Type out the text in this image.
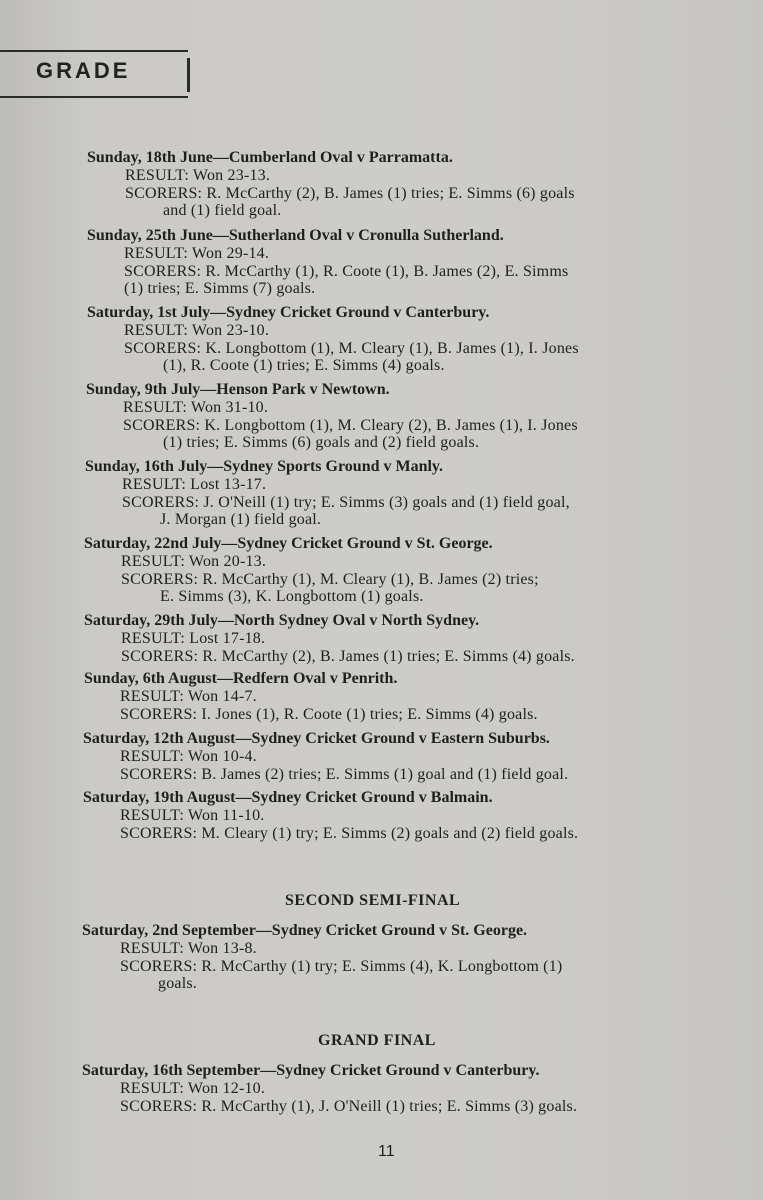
GRADE
Sunday, 18th June—Cumberland Oval v Parramatta.
RESULT: Won 23-13.
SCORERS: R. McCarthy (2), B. James (1) tries; E. Simms (6) goals
and (1) field goal.
Sunday, 25th June—Sutherland Oval v Cronulla Sutherland.
RESULT: Won 29-14.
SCORERS: R. McCarthy (1), R. Coote (1), B. James (2), E. Simms
(1) tries; E. Simms (7) goals.
Saturday, 1st July—Sydney Cricket Ground v Canterbury.
RESULT: Won 23-10.
SCORERS: K. Longbottom (1), M. Cleary (1), B. James (1), I. Jones
(1), R. Coote (1) tries; E. Simms (4) goals.
Sunday, 9th July—Henson Park v Newtown.
RESULT: Won 31-10.
SCORERS: K. Longbottom (1), M. Cleary (2), B. James (1), I. Jones
(1) tries; E. Simms (6) goals and (2) field goals.
Sunday, 16th July—Sydney Sports Ground v Manly.
RESULT: Lost 13-17.
SCORERS: J. O'Neill (1) try; E. Simms (3) goals and (1) field goal,
J. Morgan (1) field goal.
Saturday, 22nd July—Sydney Cricket Ground v St. George.
RESULT: Won 20-13.
SCORERS: R. McCarthy (1), M. Cleary (1), B. James (2) tries;
E. Simms (3), K. Longbottom (1) goals.
Saturday, 29th July—North Sydney Oval v North Sydney.
RESULT: Lost 17-18.
SCORERS: R. McCarthy (2), B. James (1) tries; E. Simms (4) goals.
Sunday, 6th August—Redfern Oval v Penrith.
RESULT: Won 14-7.
SCORERS: I. Jones (1), R. Coote (1) tries; E. Simms (4) goals.
Saturday, 12th August—Sydney Cricket Ground v Eastern Suburbs.
RESULT: Won 10-4.
SCORERS: B. James (2) tries; E. Simms (1) goal and (1) field goal.
Saturday, 19th August—Sydney Cricket Ground v Balmain.
RESULT: Won 11-10.
SCORERS: M. Cleary (1) try; E. Simms (2) goals and (2) field goals.
Saturday, 2nd September—Sydney Cricket Ground v St. George.
RESULT: Won 13-8.
SCORERS: R. McCarthy (1) try; E. Simms (4), K. Longbottom (1)
goals.
Saturday, 16th September—Sydney Cricket Ground v Canterbury.
RESULT: Won 12-10.
SCORERS: R. McCarthy (1), J. O'Neill (1) tries; E. Simms (3) goals.
SECOND SEMI-FINAL
GRAND FINAL
11
